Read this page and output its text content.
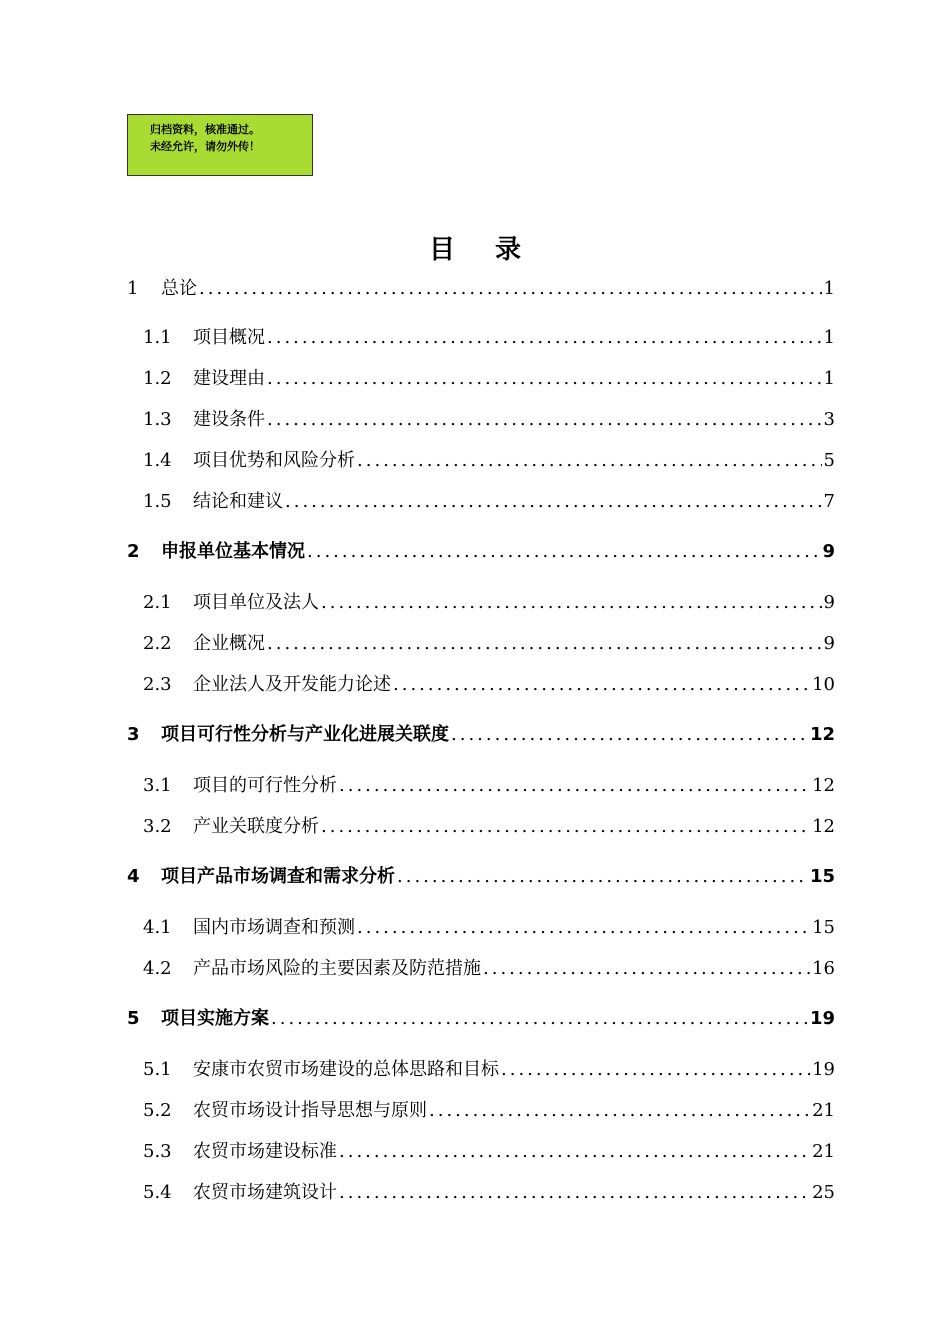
归档资料，核准通过。
未经允许，请勿外传！
目录
1	总论 .....	1
1.1	项目概况 .....	1
1.2	建设理由 .....	1
1.3	建设条件 .....	3
1.4	项目优势和风险分析 .....	5
1.5	结论和建议 .....	7
2	申报单位基本情况 .....	9
2.1	项目单位及法人 .....	9
2.2	企业概况 .....	9
2.3	企业法人及开发能力论述 .....	10
3	项目可行性分析与产业化进展关联度 .....	12
3.1	项目的可行性分析 .....	12
3.2	产业关联度分析 .....	12
4	项目产品市场调查和需求分析 .....	15
4.1	国内市场调查和预测 .....	15
4.2	产品市场风险的主要因素及防范措施 .....	16
5	项目实施方案 .....	19
5.1	安康市农贸市场建设的总体思路和目标 .....	19
5.2	农贸市场设计指导思想与原则 .....	21
5.3	农贸市场建设标准 .....	21
5.4	农贸市场建筑设计 .....	25
